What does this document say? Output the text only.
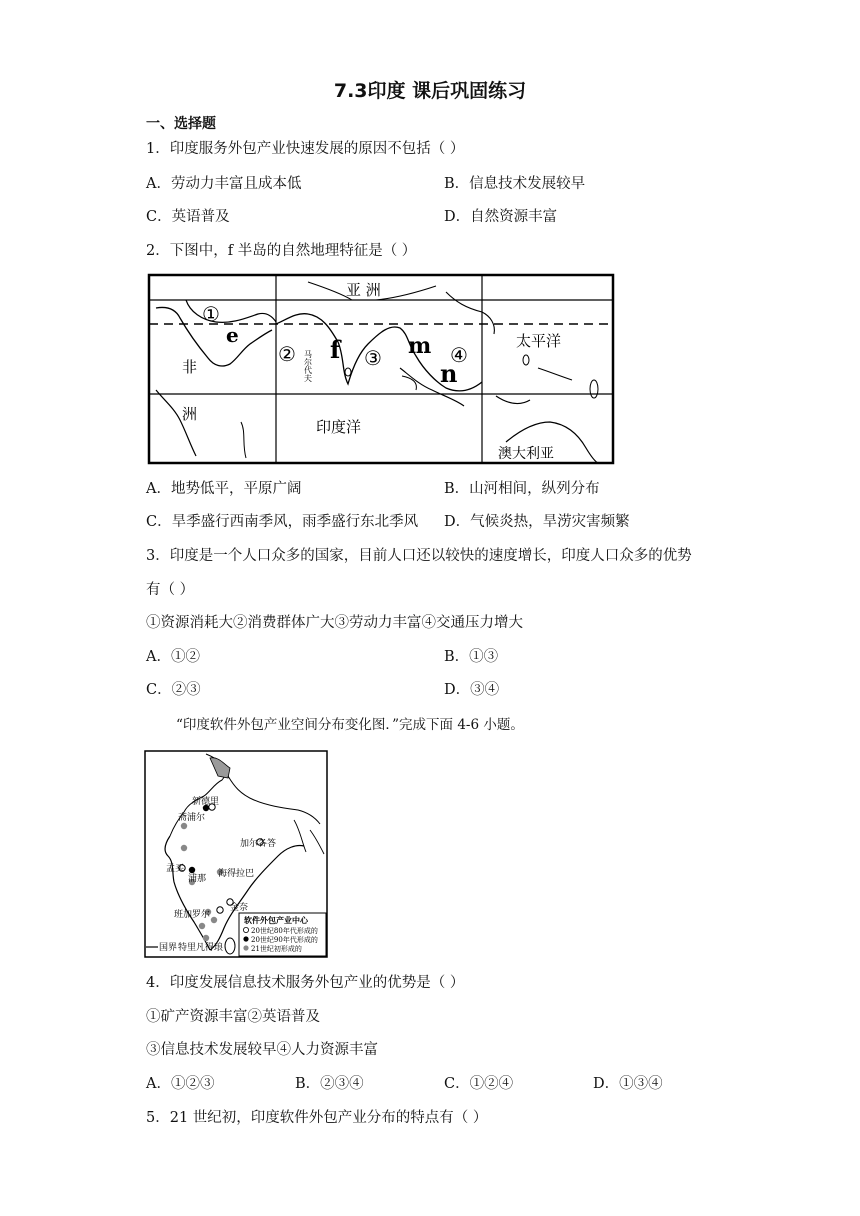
7.3印度 课后巩固练习
一、选择题
1．印度服务外包产业快速发展的原因不包括（ ）
A．劳动力丰富且成本低	B．信息技术发展较早
C．英语普及	D．自然资源丰富
2．下图中，f 半岛的自然地理特征是（ ）
亚 洲
非
洲
太平洋
印度洋
澳大利亚
①
②	③	④
e	f	m
n
马尔代夫
A．地势低平，平原广阔	B．山河相间，纵列分布
C．旱季盛行西南季风，雨季盛行东北季风 D．气候炎热，旱涝灾害频繁
3．印度是一个人口众多的国家，目前人口还以较快的速度增长，印度人口众多的优势
有（ ）
①资源消耗大②消费群体广大③劳动力丰富④交通压力增大
A．①②	B．①③
C．②③	D．③④
“印度软件外包产业空间分布变化图．”完成下面 4-6 小题。
新德里
斋浦尔
加尔各答
孟买
浦那 海得拉巴
金奈
班加罗尔
特里凡得琅
国界
软件外包产业中心
20世纪80年代形成的
20世纪90年代形成的
21世纪初形成的
4．印度发展信息技术服务外包产业的优势是（ ）
①矿产资源丰富②英语普及
③信息技术发展较早④人力资源丰富
A．①②③	B．②③④	C．①②④	D．①③④
5．21 世纪初，印度软件外包产业分布的特点有（ ）
